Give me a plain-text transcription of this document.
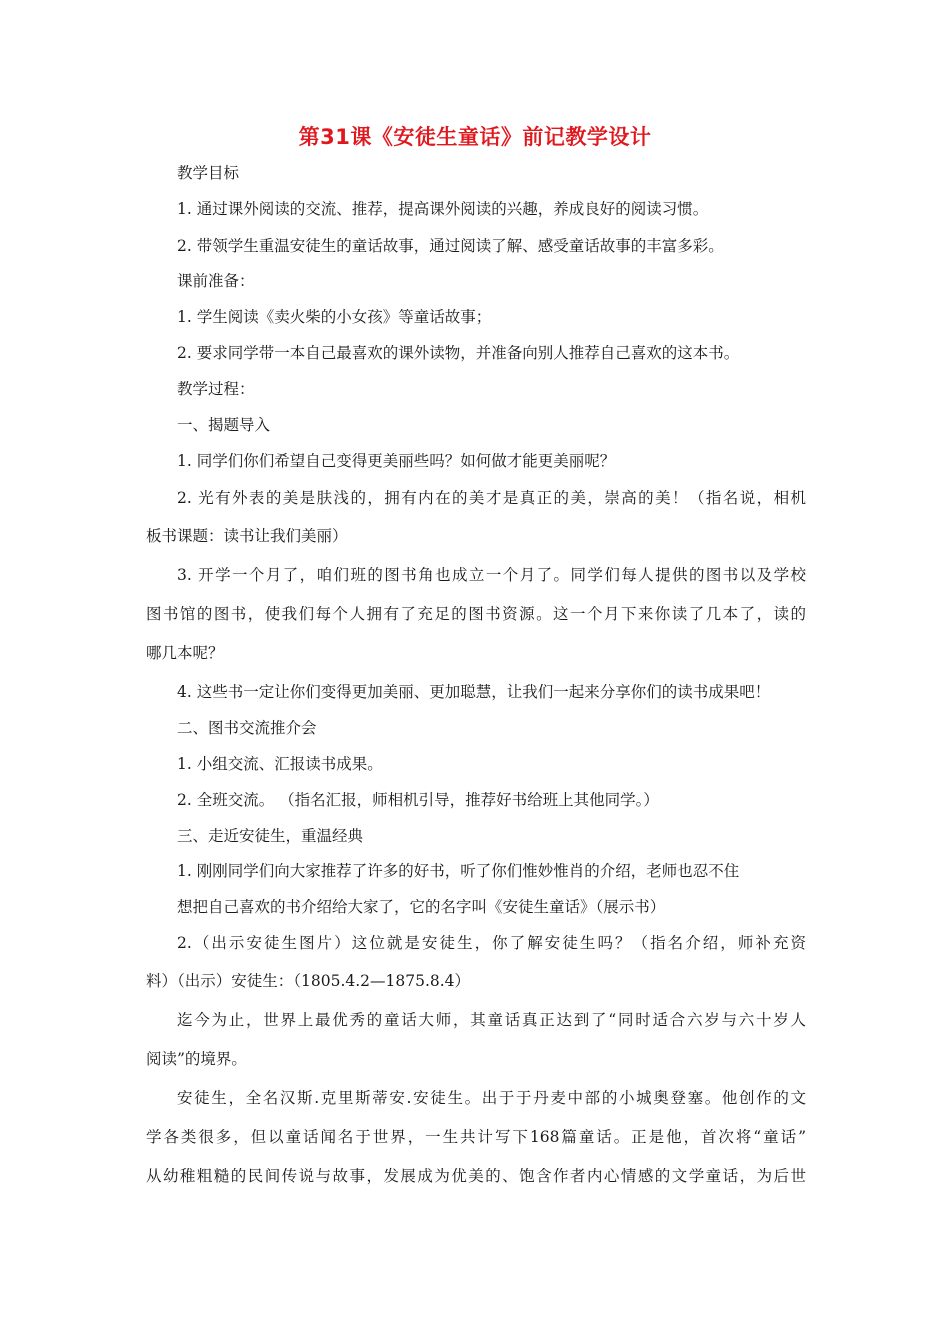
第31课《安徒生童话》前记教学设计
教学目标
1. 通过课外阅读的交流、推荐，提高课外阅读的兴趣，养成良好的阅读习惯。
2. 带领学生重温安徒生的童话故事，通过阅读了解、感受童话故事的丰富多彩。
课前准备：
1. 学生阅读《卖火柴的小女孩》等童话故事；
2. 要求同学带一本自己最喜欢的课外读物，并准备向别人推荐自己喜欢的这本书。
教学过程：
一、揭题导入
1. 同学们你们希望自己变得更美丽些吗？如何做才能更美丽呢？
2. 光有外表的美是肤浅的，拥有内在的美才是真正的美，崇高的美！（指名说，相机
板书课题：读书让我们美丽）
3. 开学一个月了，咱们班的图书角也成立一个月了。同学们每人提供的图书以及学校
图书馆的图书，使我们每个人拥有了充足的图书资源。这一个月下来你读了几本了，读的
哪几本呢？
4. 这些书一定让你们变得更加美丽、更加聪慧，让我们一起来分享你们的读书成果吧！
二、图书交流推介会
1. 小组交流、汇报读书成果。
2. 全班交流。 （指名汇报，师相机引导，推荐好书给班上其他同学。）
三、走近安徒生，重温经典
1. 刚刚同学们向大家推荐了许多的好书，听了你们惟妙惟肖的介绍，老师也忍不住
想把自己喜欢的书介绍给大家了，它的名字叫《安徒生童话》（展示书）
2.（出示安徒生图片）这位就是安徒生，你了解安徒生吗？（指名介绍，师补充资
料）（出示）安徒生：（1805.4.2—1875.8.4）
迄今为止，世界上最优秀的童话大师，其童话真正达到了“同时适合六岁与六十岁人
阅读”的境界。
安徒生，全名汉斯.克里斯蒂安.安徒生。出于于丹麦中部的小城奥登塞。他创作的文
学各类很多，但以童话闻名于世界，一生共计写下168篇童话。正是他，首次将“童话”
从幼稚粗糙的民间传说与故事，发展成为优美的、饱含作者内心情感的文学童话，为后世
